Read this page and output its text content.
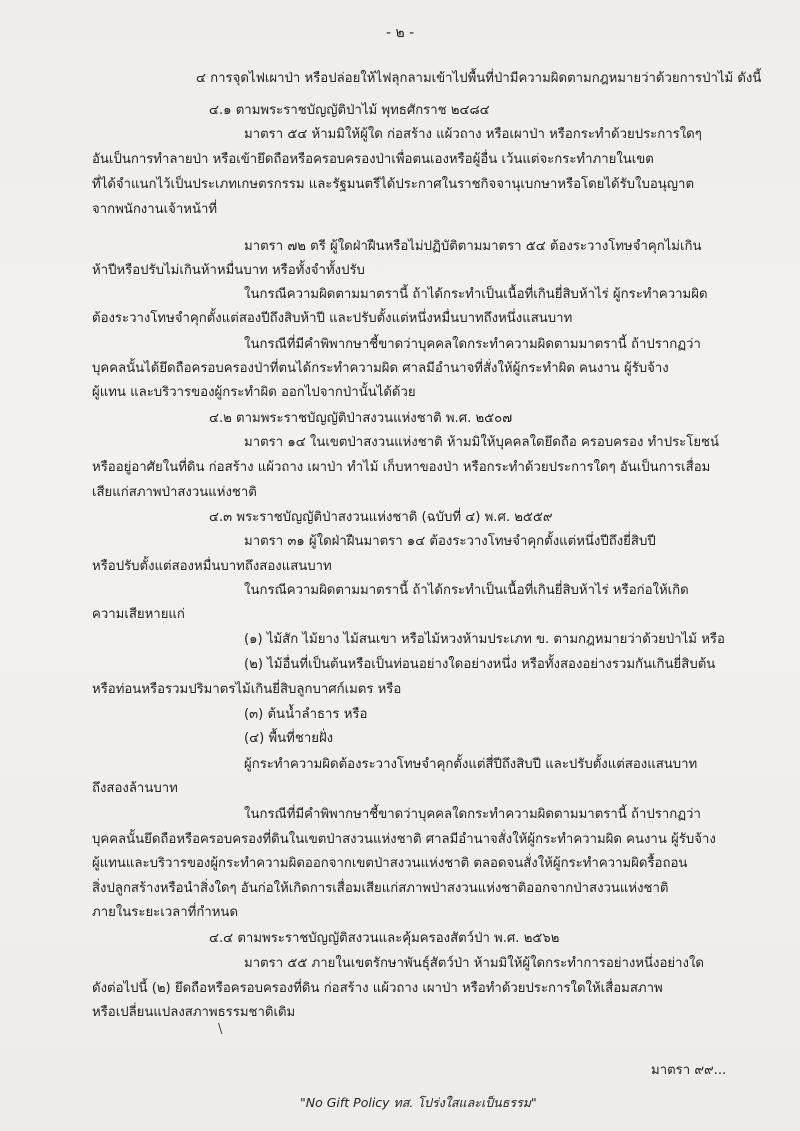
- ๒ -
๔ การจุดไฟเผาป่า หรือปล่อยให้ไฟลุกลามเข้าไปพื้นที่ป่ามีความผิดตามกฎหมายว่าด้วยการป่าไม้ ดังนี้
๔.๑ ตามพระราชบัญญัติป่าไม้ พุทธศักราช ๒๔๘๔
มาตรา ๕๔ ห้ามมิให้ผู้ใด ก่อสร้าง แผ้วถาง หรือเผาป่า หรือกระทำด้วยประการใดๆ
อันเป็นการทำลายป่า หรือเข้ายึดถือหรือครอบครองป่าเพื่อตนเองหรือผู้อื่น เว้นแต่จะกระทำภายในเขต
ที่ได้จำแนกไว้เป็นประเภทเกษตรกรรม และรัฐมนตรีได้ประกาศในราชกิจจานุเบกษาหรือโดยได้รับใบอนุญาต
จากพนักงานเจ้าหน้าที่
มาตรา ๗๒ ตรี ผู้ใดฝ่าฝืนหรือไม่ปฏิบัติตามมาตรา ๕๔ ต้องระวางโทษจำคุกไม่เกิน
ห้าปีหรือปรับไม่เกินห้าหมื่นบาท หรือทั้งจำทั้งปรับ
ในกรณีความผิดตามมาตรานี้ ถ้าได้กระทำเป็นเนื้อที่เกินยี่สิบห้าไร่ ผู้กระทำความผิด
ต้องระวางโทษจำคุกตั้งแต่สองปีถึงสิบห้าปี และปรับตั้งแต่หนึ่งหมื่นบาทถึงหนึ่งแสนบาท
ในกรณีที่มีคำพิพากษาชี้ขาดว่าบุคคลใดกระทำความผิดตามมาตรานี้ ถ้าปรากฏว่า
บุคคลนั้นได้ยึดถือครอบครองป่าที่ตนได้กระทำความผิด ศาลมีอำนาจที่สั่งให้ผู้กระทำผิด คนงาน ผู้รับจ้าง
ผู้แทน และบริวารของผู้กระทำผิด ออกไปจากป่านั้นได้ด้วย
๔.๒ ตามพระราชบัญญัติป่าสงวนแห่งชาติ พ.ศ. ๒๕๐๗
มาตรา ๑๔ ในเขตป่าสงวนแห่งชาติ ห้ามมิให้บุคคลใดยึดถือ ครอบครอง ทำประโยชน์
หรืออยู่อาศัยในที่ดิน ก่อสร้าง แผ้วถาง เผาป่า ทำไม้ เก็บหาของป่า หรือกระทำด้วยประการใดๆ อันเป็นการเสื่อม
เสียแก่สภาพป่าสงวนแห่งชาติ
๔.๓ พระราชบัญญัติป่าสงวนแห่งชาติ (ฉบับที่ ๔) พ.ศ. ๒๕๕๙
มาตรา ๓๑ ผู้ใดฝ่าฝืนมาตรา ๑๔ ต้องระวางโทษจำคุกตั้งแต่หนึ่งปีถึงยี่สิบปี
หรือปรับตั้งแต่สองหมื่นบาทถึงสองแสนบาท
ในกรณีความผิดตามมาตรานี้ ถ้าได้กระทำเป็นเนื้อที่เกินยี่สิบห้าไร่ หรือก่อให้เกิด
ความเสียหายแก่
(๑) ไม้สัก ไม้ยาง ไม้สนเขา หรือไม้หวงห้ามประเภท ข. ตามกฎหมายว่าด้วยป่าไม้ หรือ
(๒) ไม้อื่นที่เป็นต้นหรือเป็นท่อนอย่างใดอย่างหนึ่ง หรือทั้งสองอย่างรวมกันเกินยี่สิบต้น
หรือท่อนหรือรวมปริมาตรไม้เกินยี่สิบลูกบาศก์เมตร หรือ
(๓) ต้นน้ำลำธาร หรือ
(๔) พื้นที่ชายฝั่ง
ผู้กระทำความผิดต้องระวางโทษจำคุกตั้งแต่สี่ปีถึงสิบปี และปรับตั้งแต่สองแสนบาท
ถึงสองล้านบาท
ในกรณีที่มีคำพิพากษาชี้ขาดว่าบุคคลใดกระทำความผิดตามมาตรานี้ ถ้าปรากฏว่า
บุคคลนั้นยึดถือหรือครอบครองที่ดินในเขตป่าสงวนแห่งชาติ ศาลมีอำนาจสั่งให้ผู้กระทำความผิด คนงาน ผู้รับจ้าง
ผู้แทนและบริวารของผู้กระทำความผิดออกจากเขตป่าสงวนแห่งชาติ ตลอดจนสั่งให้ผู้กระทำความผิดรื้อถอน
สิ่งปลูกสร้างหรือนำสิ่งใดๆ อันก่อให้เกิดการเสื่อมเสียแก่สภาพป่าสงวนแห่งชาติออกจากป่าสงวนแห่งชาติ
ภายในระยะเวลาที่กำหนด
๔.๔ ตามพระราชบัญญัติสงวนและคุ้มครองสัตว์ป่า พ.ศ. ๒๕๖๒
มาตรา ๕๕ ภายในเขตรักษาพันธุ์สัตว์ป่า ห้ามมิให้ผู้ใดกระทำการอย่างหนึ่งอย่างใด
ดังต่อไปนี้ (๒) ยึดถือหรือครอบครองที่ดิน ก่อสร้าง แผ้วถาง เผาป่า หรือทำด้วยประการใดให้เสื่อมสภาพ
หรือเปลี่ยนแปลงสภาพธรรมชาติเดิม
\
มาตรา ๙๙...
"No Gift Policy ทส. โปร่งใสและเป็นธรรม"
